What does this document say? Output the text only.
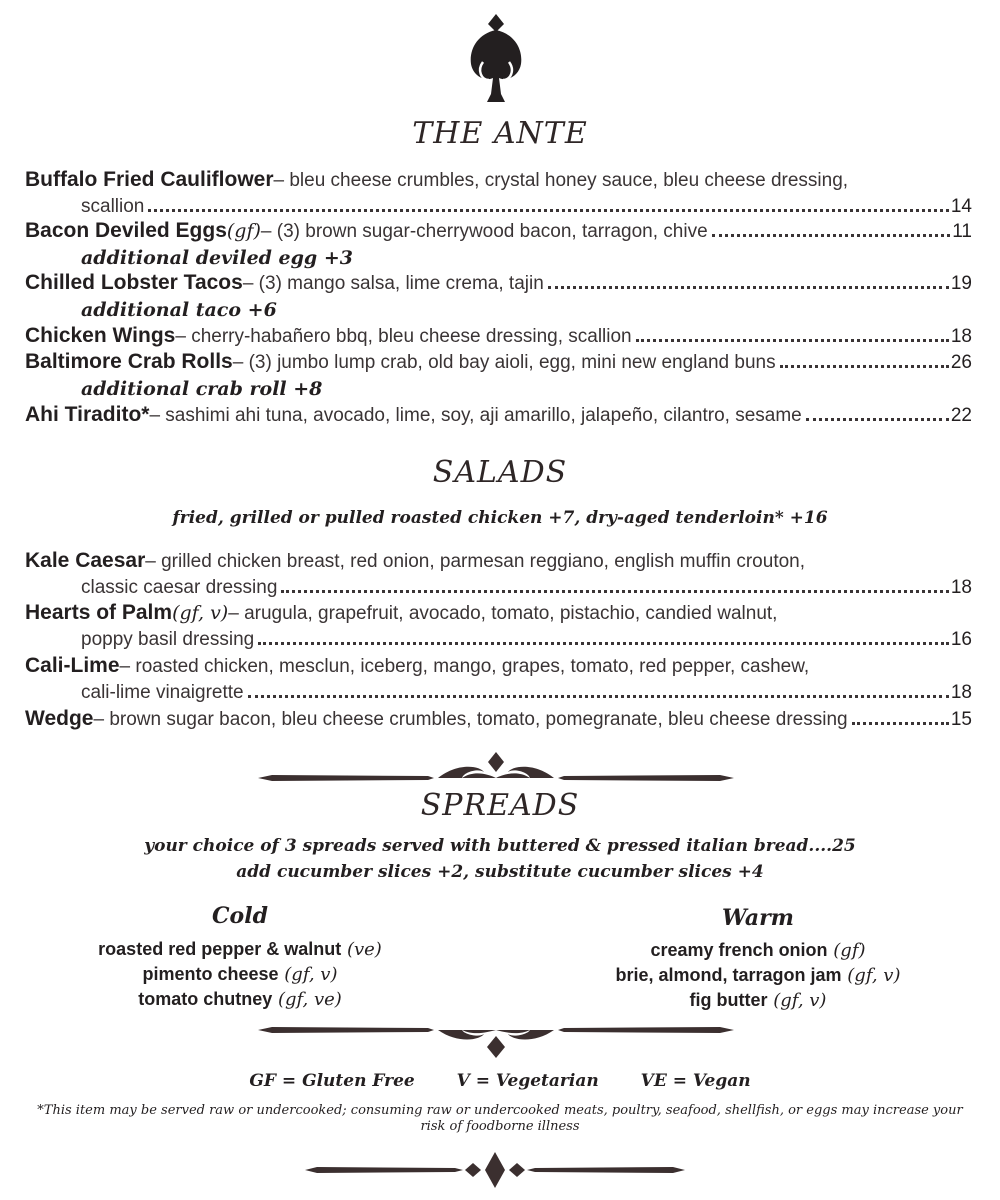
THE ANTE
Buffalo Fried Cauliflower – bleu cheese crumbles, crystal honey sauce, bleu cheese dressing,
scallion	14
Bacon Deviled Eggs (gf) – (3) brown sugar-cherrywood bacon, tarragon, chive	11
additional deviled egg +3
Chilled Lobster Tacos – (3) mango salsa, lime crema, tajin	19
additional taco +6
Chicken Wings – cherry-habañero bbq, bleu cheese dressing, scallion	18
Baltimore Crab Rolls – (3) jumbo lump crab, old bay aioli, egg, mini new england buns	26
additional crab roll +8
Ahi Tiradito* – sashimi ahi tuna, avocado, lime, soy, aji amarillo, jalapeño, cilantro, sesame	22
SALADS
fried, grilled or pulled roasted chicken +7, dry-aged tenderloin* +16
Kale Caesar – grilled chicken breast, red onion, parmesan reggiano, english muffin crouton,
classic caesar dressing	18
Hearts of Palm (gf, v) – arugula, grapefruit, avocado, tomato, pistachio, candied walnut,
poppy basil dressing	16
Cali-Lime – roasted chicken, mesclun, iceberg, mango, grapes, tomato, red pepper, cashew,
cali-lime vinaigrette	18
Wedge – brown sugar bacon, bleu cheese crumbles, tomato, pomegranate, bleu cheese dressing	15
SPREADS
your choice of 3 spreads served with buttered & pressed italian bread....25
add cucumber slices +2, substitute cucumber slices +4
Cold
roasted red pepper & walnut (ve)
pimento cheese (gf, v)
tomato chutney (gf, ve)
Warm
creamy french onion (gf)
brie, almond, tarragon jam (gf, v)
fig butter (gf, v)
GF = Gluten Free V = Vegetarian VE = Vegan
*This item may be served raw or undercooked; consuming raw or undercooked meats, poultry, seafood, shellfish, or eggs may increase your risk of foodborne illness
